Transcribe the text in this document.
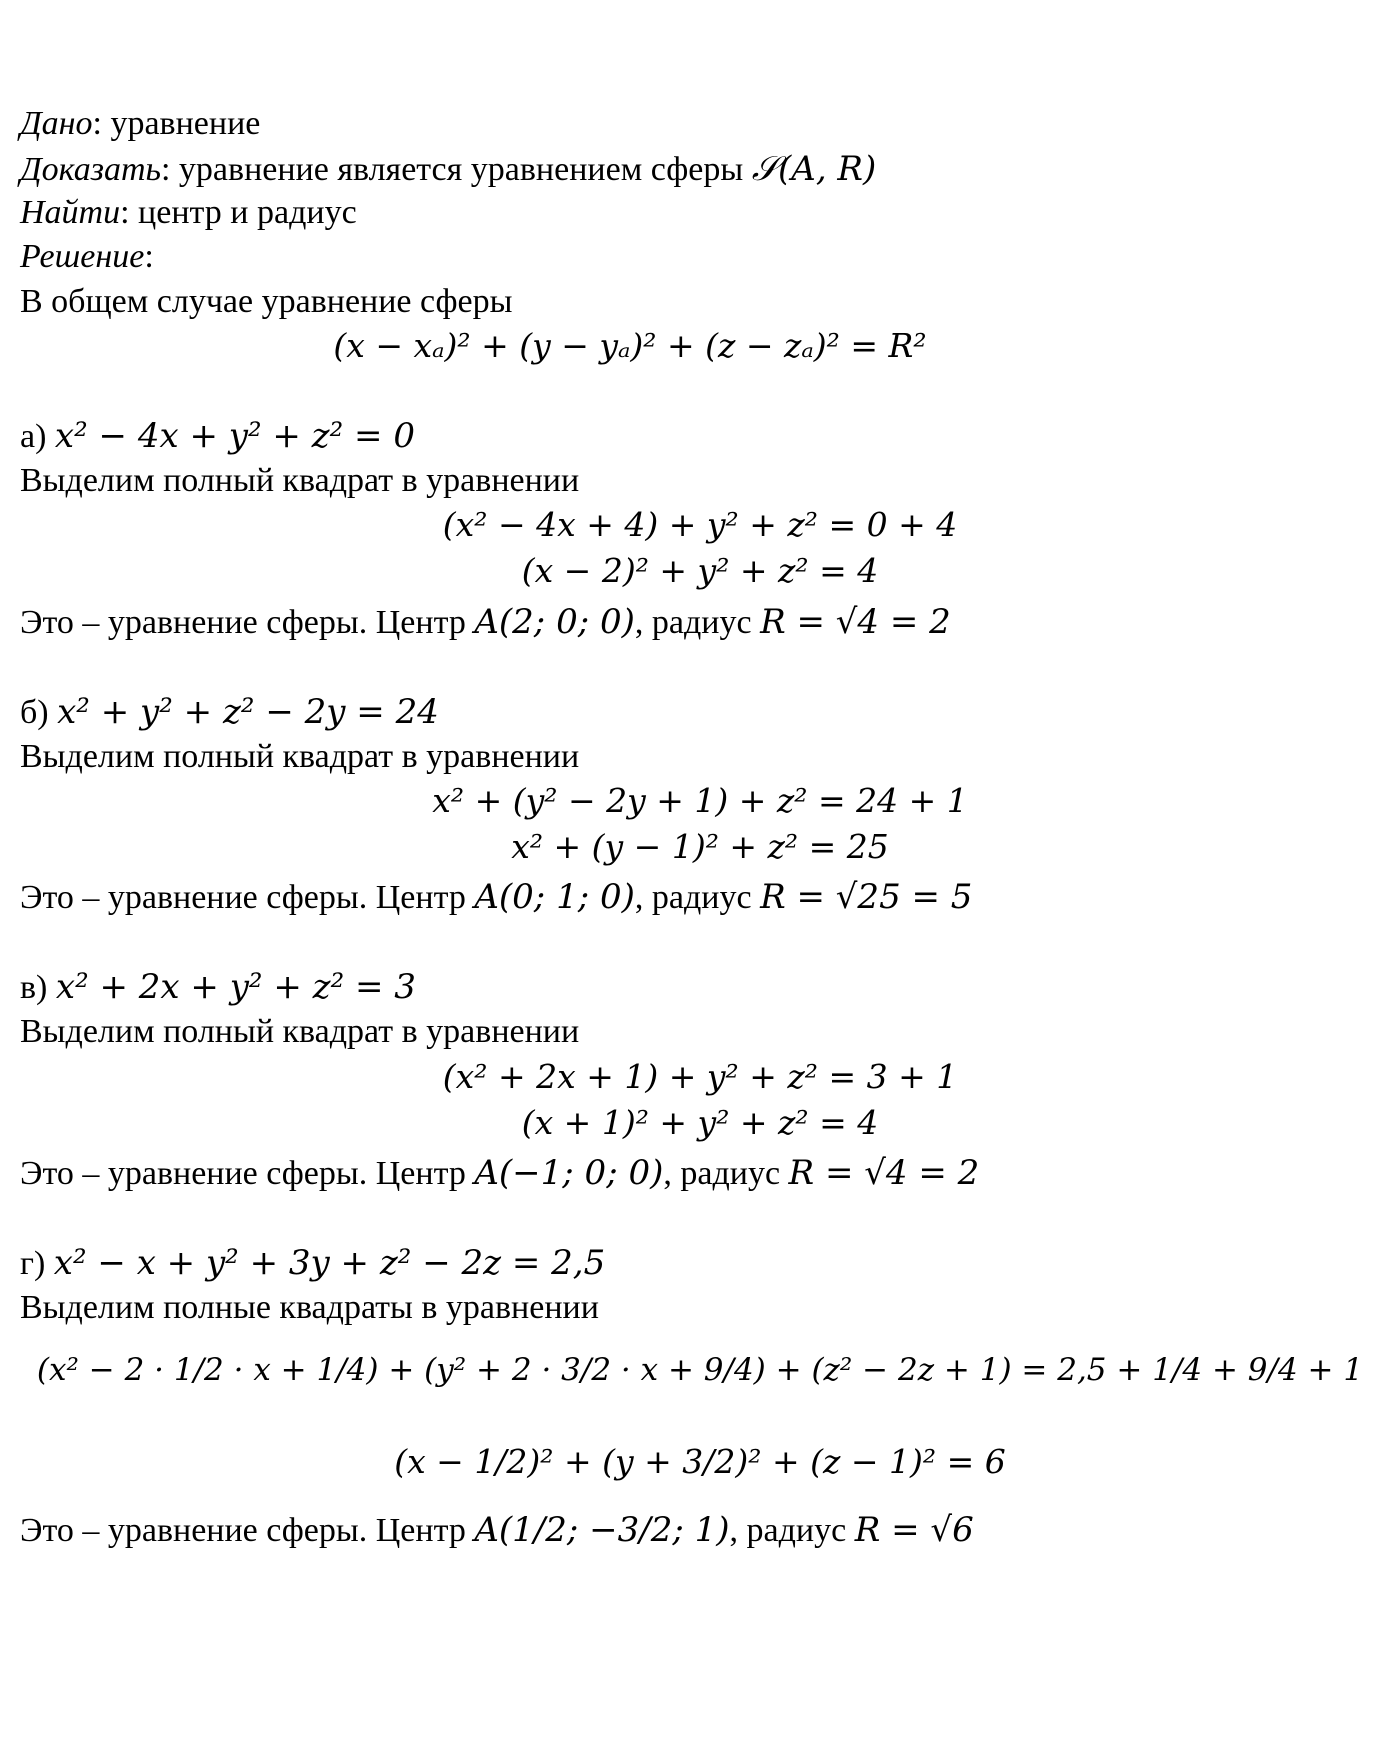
Дано: уравнение
Доказать: уравнение является уравнением сферы 𝒮(A, R)
Найти: центр и радиус
Решение:
В общем случае уравнение сферы
(x − xₐ)² + (y − yₐ)² + (z − zₐ)² = R²
а) x² − 4x + y² + z² = 0
Выделим полный квадрат в уравнении
(x² − 4x + 4) + y² + z² = 0 + 4
(x − 2)² + y² + z² = 4
Это – уравнение сферы. Центр A(2; 0; 0), радиус R = √4 = 2
б) x² + y² + z² − 2y = 24
Выделим полный квадрат в уравнении
x² + (y² − 2y + 1) + z² = 24 + 1
x² + (y − 1)² + z² = 25
Это – уравнение сферы. Центр A(0; 1; 0), радиус R = √25 = 5
в) x² + 2x + y² + z² = 3
Выделим полный квадрат в уравнении
(x² + 2x + 1) + y² + z² = 3 + 1
(x + 1)² + y² + z² = 4
Это – уравнение сферы. Центр A(−1; 0; 0), радиус R = √4 = 2
г) x² − x + y² + 3y + z² − 2z = 2,5
Выделим полные квадраты в уравнении
(x² − 2 · 1/2 · x + 1/4) + (y² + 2 · 3/2 · x + 9/4) + (z² − 2z + 1) = 2,5 + 1/4 + 9/4 + 1
(x − 1/2)² + (y + 3/2)² + (z − 1)² = 6
Это – уравнение сферы. Центр A(1/2; −3/2; 1), радиус R = √6
